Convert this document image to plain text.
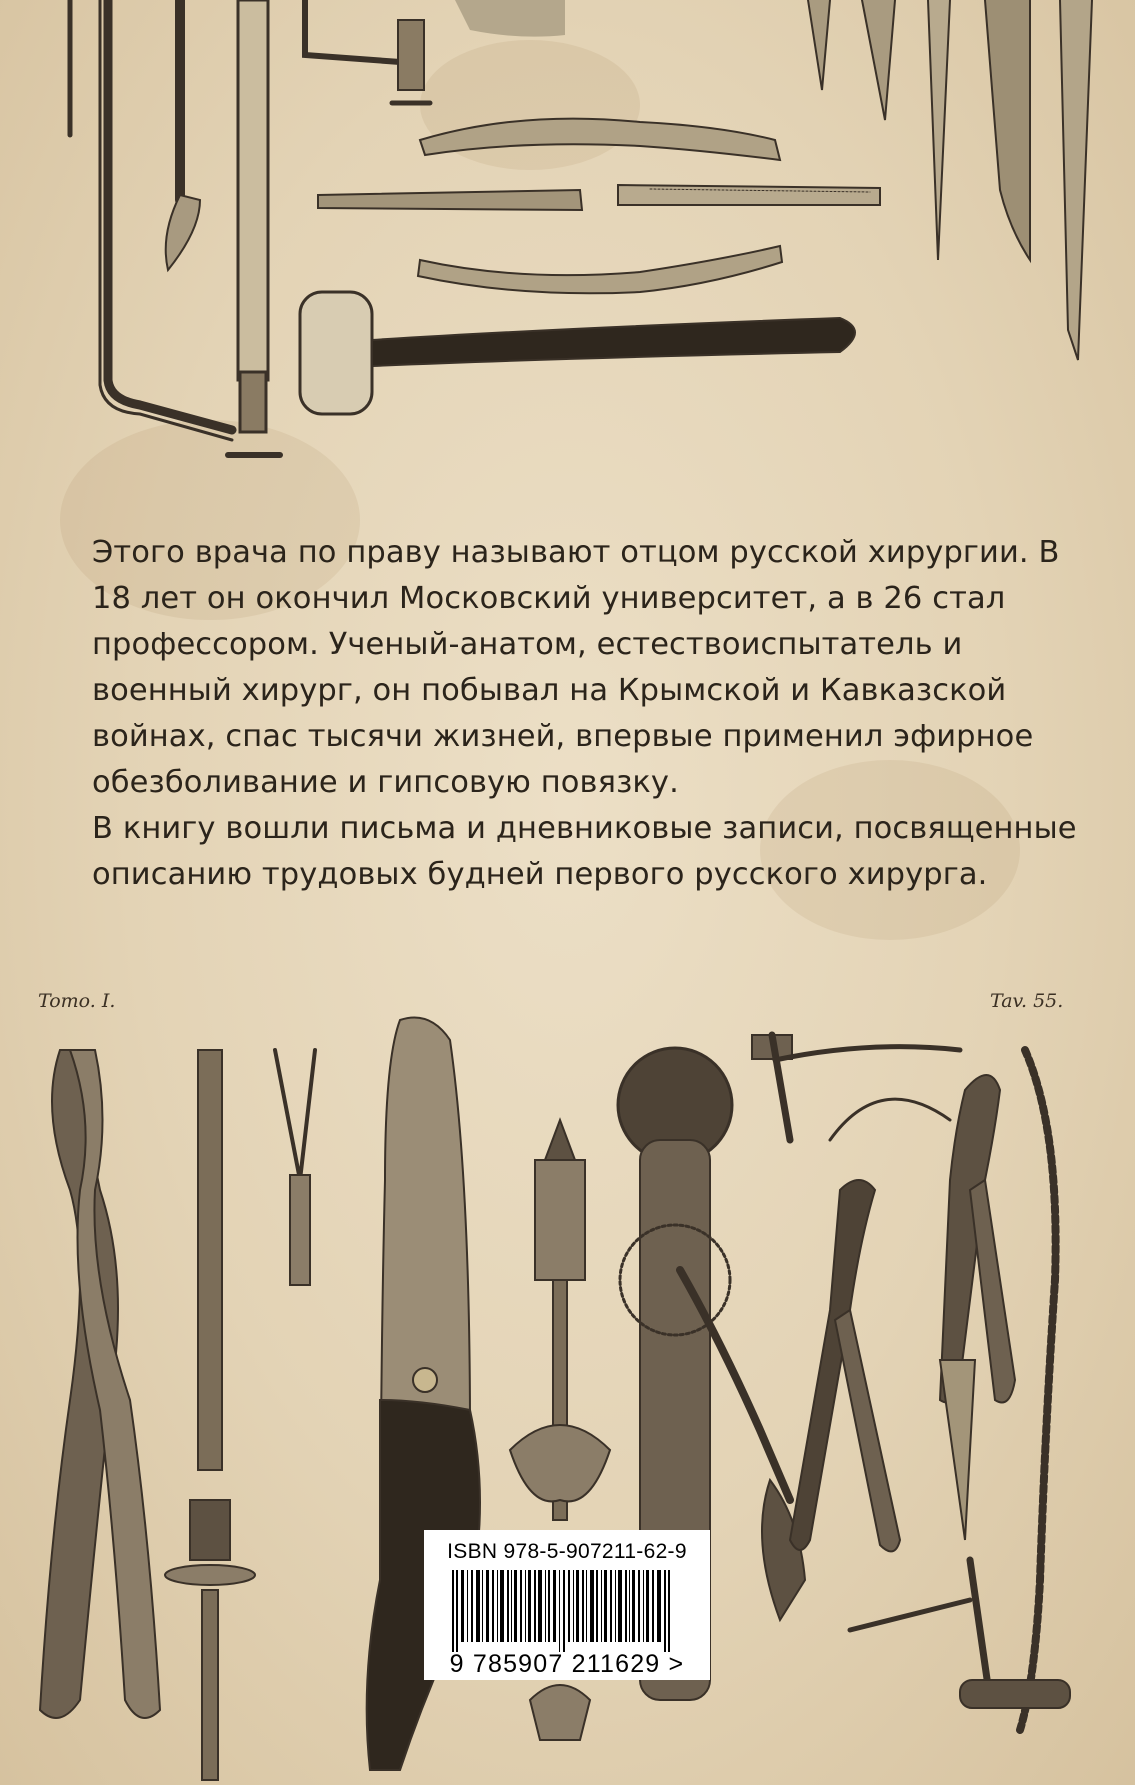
Этого врача по праву называют отцом русской хирургии. В 18 лет он окончил Московский университет, а в 26 стал профессором. Ученый-анатом, естествоиспытатель и военный хирург, он побывал на Крымской и Кавказской войнах, спас тысячи жизней, впервые применил эфирное обезболивание и гипсовую повязку.

В книгу вошли письма и дневниковые записи, посвященные описанию трудовых будней первого русского хирурга.

Tomo. I.	Tav. 55.
ISBN 978-5-907211-62-9
9 785907 211629 >
